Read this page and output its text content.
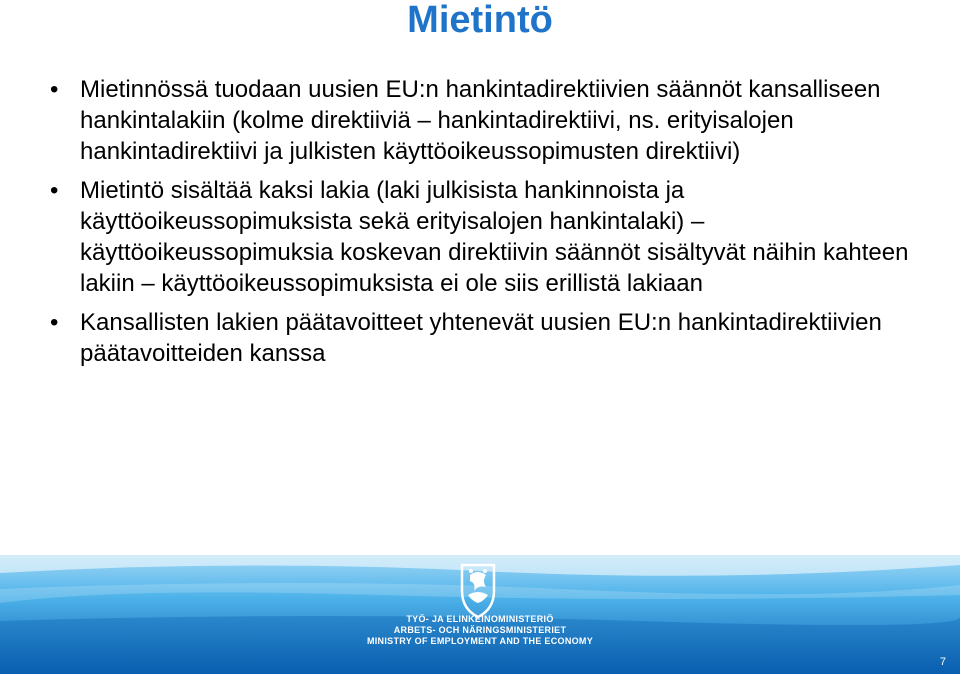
Mietintö
• Mietinnössä tuodaan uusien EU:n hankintadirektiivien säännöt kansalliseen hankintalakiin (kolme direktiiviä – hankintadirektiivi, ns. erityisalojen hankintadirektiivi ja julkisten käyttöoikeussopimusten direktiivi)
• Mietintö sisältää kaksi lakia (laki julkisista hankinnoista ja käyttöoikeussopimuksista sekä erityisalojen hankintalaki) – käyttöoikeussopimuksia koskevan direktiivin säännöt sisältyvät näihin kahteen lakiin – käyttöoikeussopimuksista ei ole siis erillistä lakiaan
• Kansallisten lakien päätavoitteet yhtenevät uusien EU:n hankintadirektiivien päätavoitteiden kanssa
TYÖ- JA ELINKEINOMINISTERIÖ
ARBETS- OCH NÄRINGSMINISTERIET
MINISTRY OF EMPLOYMENT AND THE ECONOMY
7
